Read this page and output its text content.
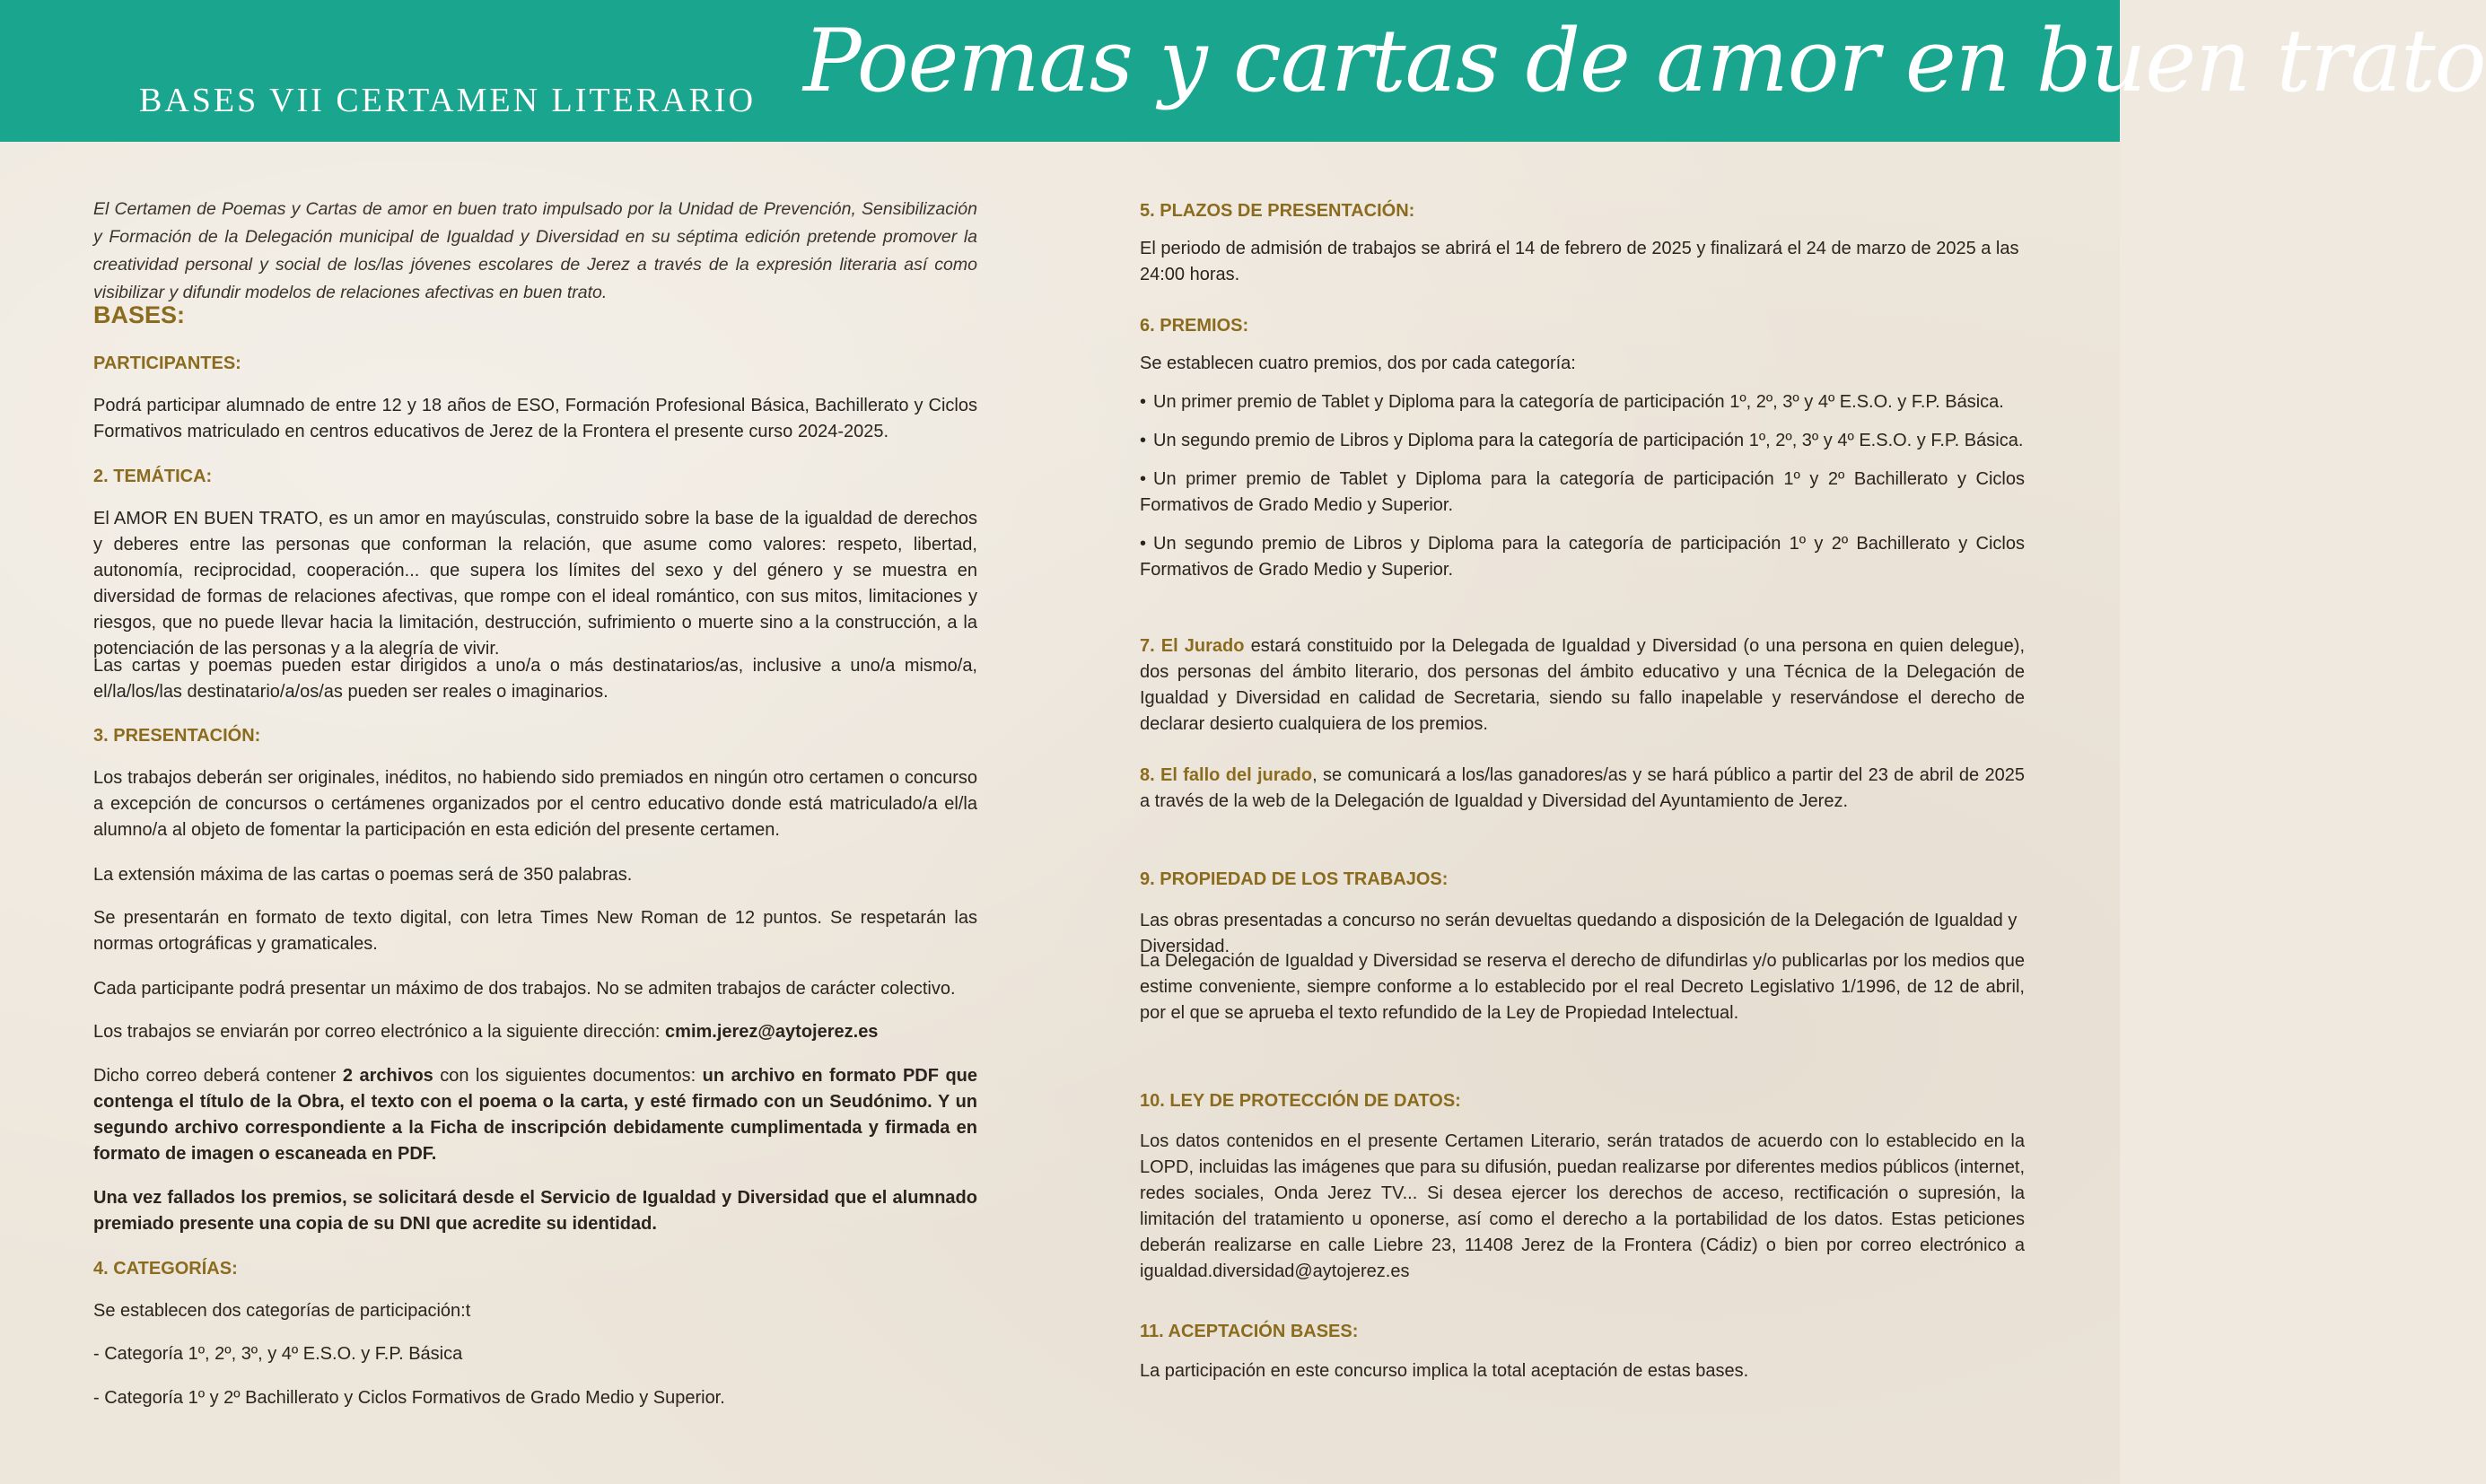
BASES VII CERTAMEN LITERARIO Poemas y cartas de amor en buen trato

El Certamen de Poemas y Cartas de amor en buen trato impulsado por la Unidad de Prevención, Sensibilización y Formación de la Delegación municipal de Igualdad y Diversidad en su séptima edición pretende promover la creatividad personal y social de los/las jóvenes escolares de Jerez a través de la expresión literaria así como visibilizar y difundir modelos de relaciones afectivas en buen trato.

BASES:
PARTICIPANTES:

Podrá participar alumnado de entre 12 y 18 años de ESO, Formación Profesional Básica, Bachillerato y Ciclos Formativos matriculado en centros educativos de Jerez de la Frontera el presente curso 2024-2025.

2. TEMÁTICA:

El AMOR EN BUEN TRATO, es un amor en mayúsculas, construido sobre la base de la igualdad de derechos y deberes entre las personas que conforman la relación, que asume como valores: respeto, libertad, autonomía, reciprocidad, cooperación... que supera los límites del sexo y del género y se muestra en diversidad de formas de relaciones afectivas, que rompe con el ideal romántico, con sus mitos, limitaciones y riesgos, que no puede llevar hacia la limitación, destrucción, sufrimiento o muerte sino a la construcción, a la potenciación de las personas y a la alegría de vivir.

Las cartas y poemas pueden estar dirigidos a uno/a o más destinatarios/as, inclusive a uno/a mismo/a, el/la/los/las destinatario/a/os/as pueden ser reales o imaginarios.

3. PRESENTACIÓN:

Los trabajos deberán ser originales, inéditos, no habiendo sido premiados en ningún otro certamen o concurso a excepción de concursos o certámenes organizados por el centro educativo donde está matriculado/a el/la alumno/a al objeto de fomentar la participación en esta edición del presente certamen.

La extensión máxima de las cartas o poemas será de 350 palabras.

Se presentarán en formato de texto digital, con letra Times New Roman de 12 puntos. Se respetarán las normas ortográficas y gramaticales.

Cada participante podrá presentar un máximo de dos trabajos. No se admiten trabajos de carácter colectivo.

Los trabajos se enviarán por correo electrónico a la siguiente dirección: cmim.jerez@aytojerez.es

Dicho correo deberá contener 2 archivos con los siguientes documentos: un archivo en formato PDF que contenga el título de la Obra, el texto con el poema o la carta, y esté firmado con un Seudónimo. Y un segundo archivo correspondiente a la Ficha de inscripción debidamente cumplimentada y firmada en formato de imagen o escaneada en PDF.

Una vez fallados los premios, se solicitará desde el Servicio de Igualdad y Diversidad que el alumnado premiado presente una copia de su DNI que acredite su identidad.

4. CATEGORÍAS:

Se establecen dos categorías de participación:t

- Categoría 1º, 2º, 3º, y 4º E.S.O. y F.P. Básica

- Categoría 1º y 2º Bachillerato y Ciclos Formativos de Grado Medio y Superior.

5. PLAZOS DE PRESENTACIÓN:

El periodo de admisión de trabajos se abrirá el 14 de febrero de 2025 y finalizará el 24 de marzo de 2025 a las 24:00 horas.

6. PREMIOS:

Se establecen cuatro premios, dos por cada categoría:

• Un primer premio de Tablet y Diploma para la categoría de participación 1º, 2º, 3º y 4º E.S.O. y F.P. Básica.

• Un segundo premio de Libros y Diploma para la categoría de participación 1º, 2º, 3º y 4º E.S.O. y F.P. Básica.

• Un primer premio de Tablet y Diploma para la categoría de participación 1º y 2º Bachillerato y Ciclos Formativos de Grado Medio y Superior.

• Un segundo premio de Libros y Diploma para la categoría de participación 1º y 2º Bachillerato y Ciclos Formativos de Grado Medio y Superior.

7. El Jurado estará constituido por la Delegada de Igualdad y Diversidad (o una persona en quien delegue), dos personas del ámbito literario, dos personas del ámbito educativo y una Técnica de la Delegación de Igualdad y Diversidad en calidad de Secretaria, siendo su fallo inapelable y reservándose el derecho de declarar desierto cualquiera de los premios.

8. El fallo del jurado, se comunicará a los/las ganadores/as y se hará público a partir del 23 de abril de 2025 a través de la web de la Delegación de Igualdad y Diversidad del Ayuntamiento de Jerez.

9. PROPIEDAD DE LOS TRABAJOS:

Las obras presentadas a concurso no serán devueltas quedando a disposición de la Delegación de Igualdad y Diversidad.

La Delegación de Igualdad y Diversidad se reserva el derecho de difundirlas y/o publicarlas por los medios que estime conveniente, siempre conforme a lo establecido por el real Decreto Legislativo 1/1996, de 12 de abril, por el que se aprueba el texto refundido de la Ley de Propiedad Intelectual.

10. LEY DE PROTECCIÓN DE DATOS:

Los datos contenidos en el presente Certamen Literario, serán tratados de acuerdo con lo establecido en la LOPD, incluidas las imágenes que para su difusión, puedan realizarse por diferentes medios públicos (internet, redes sociales, Onda Jerez TV... Si desea ejercer los derechos de acceso, rectificación o supresión, la limitación del tratamiento u oponerse, así como el derecho a la portabilidad de los datos. Estas peticiones deberán realizarse en calle Liebre 23, 11408 Jerez de la Frontera (Cádiz) o bien por correo electrónico a igualdad.diversidad@aytojerez.es

11. ACEPTACIÓN BASES:

La participación en este concurso implica la total aceptación de estas bases.
